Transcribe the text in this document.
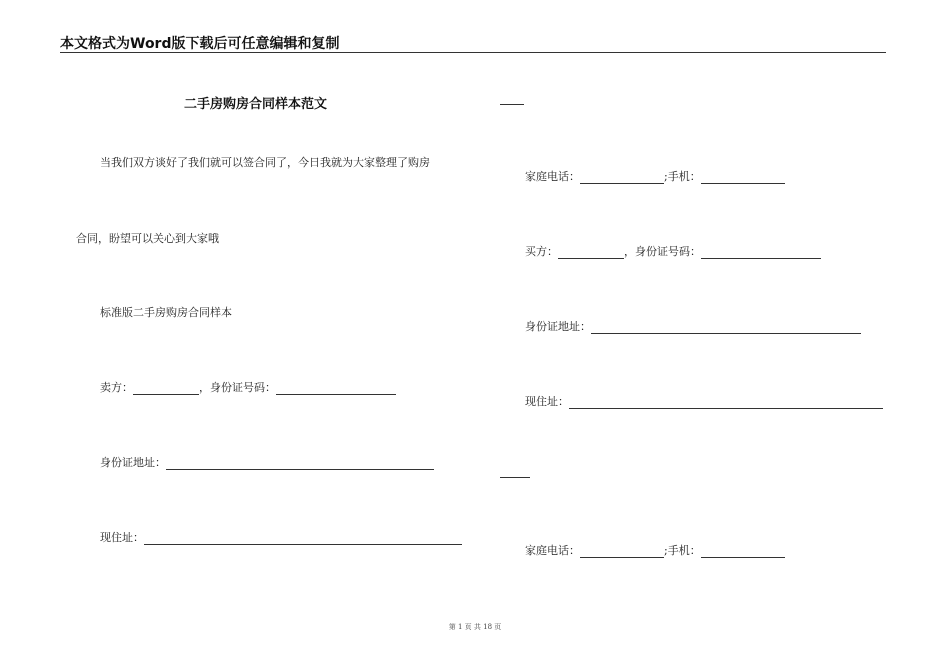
本文格式为Word版下载后可任意编辑和复制
二手房购房合同样本范文
当我们双方谈好了我们就可以签合同了，今日我就为大家整理了购房
合同，盼望可以关心到大家哦
标准版二手房购房合同样本
卖方：	，身份证号码：
身份证地址：
现住址：
家庭电话：	;手机：
买方：	，身份证号码：
身份证地址：
现住址：
家庭电话：	;手机：
第 1 页 共 18 页
